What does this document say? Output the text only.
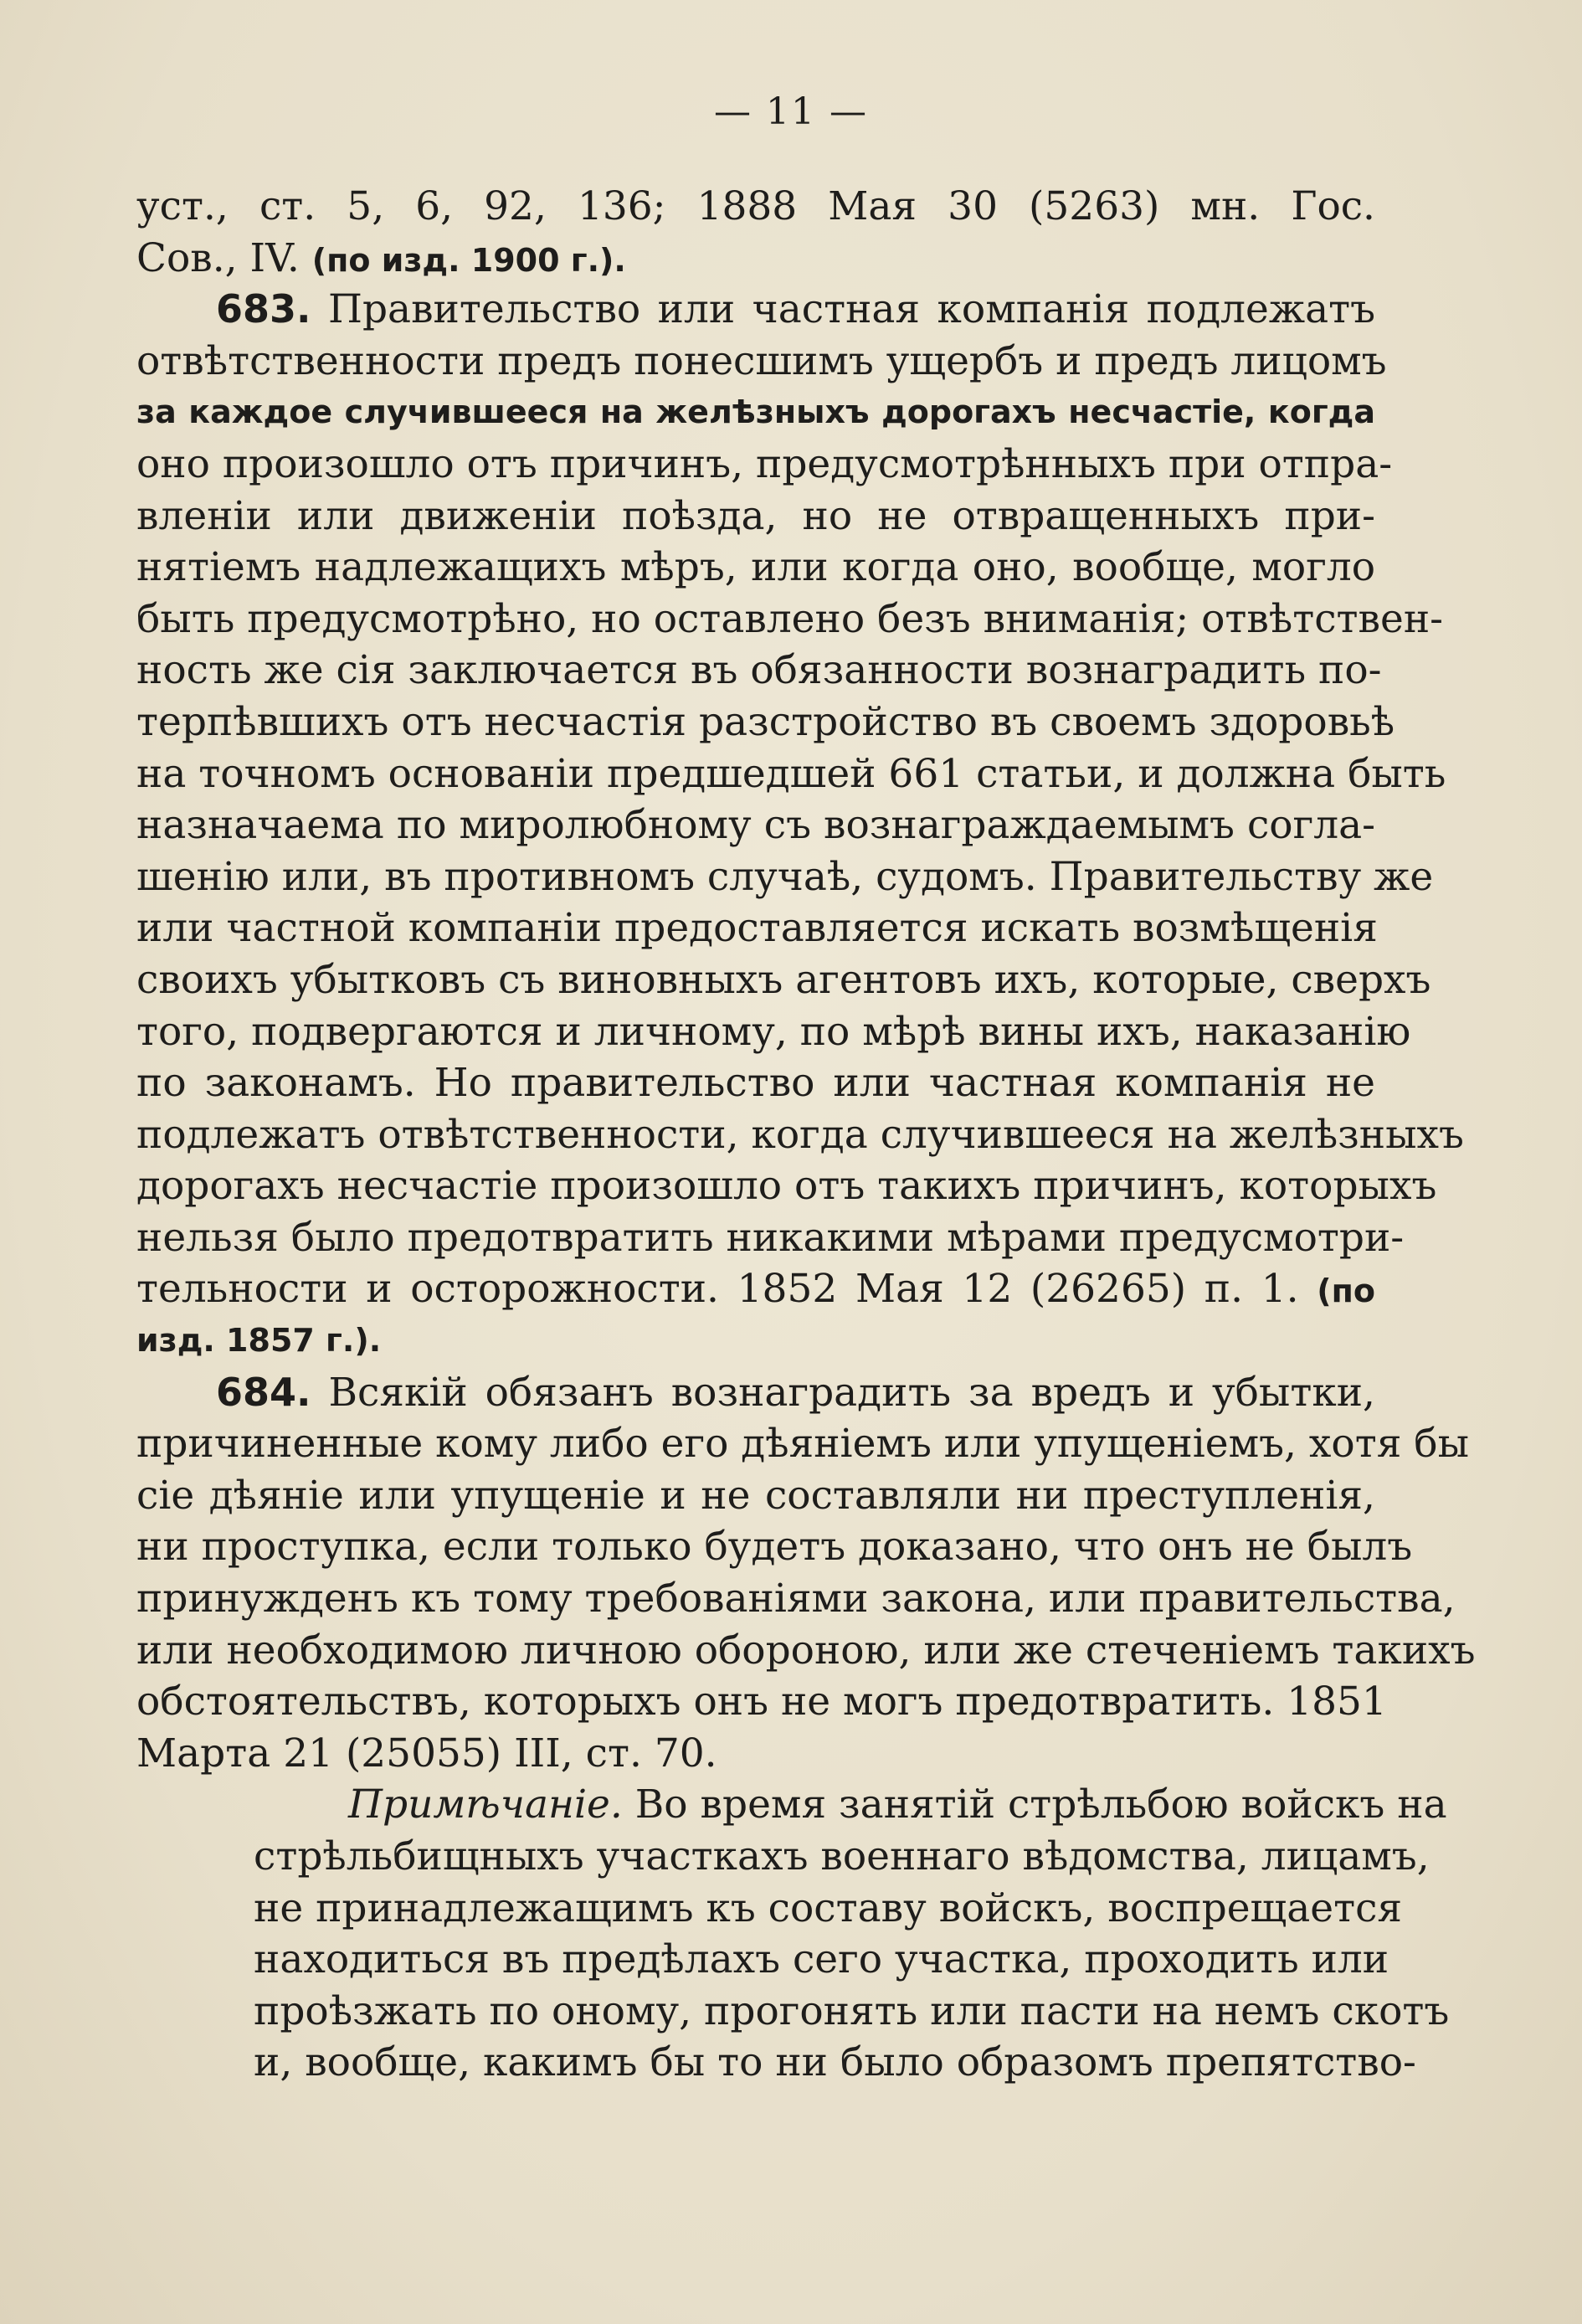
— 11 —
уст., ст. 5, 6, 92, 136; 1888 Мая 30 (5263) мн. Гос.
Сов., IV. (по изд. 1900 г.).
683. Правительство или частная компанія подлежатъ
отвѣтственности предъ понесшимъ ущербъ и предъ лицомъ
за каждое случившееся на желѣзныхъ дорогахъ несчастіе, когда
оно произошло отъ причинъ, предусмотрѣнныхъ при отпра-
вленіи или движеніи поѣзда, но не отвращенныхъ при-
нятіемъ надлежащихъ мѣръ, или когда оно, вообще, могло
быть предусмотрѣно, но оставлено безъ вниманія; отвѣтствен-
ность же сія заключается въ обязанности вознаградить по-
терпѣвшихъ отъ несчастія разстройство въ своемъ здоровьѣ
на точномъ основаніи предшедшей 661 статьи, и должна быть
назначаема по миролюбному съ вознаграждаемымъ согла-
шенію или, въ противномъ случаѣ, судомъ. Правительству же
или частной компаніи предоставляется искать возмѣщенія
своихъ убытковъ съ виновныхъ агентовъ ихъ, которые, сверхъ
того, подвергаются и личному, по мѣрѣ вины ихъ, наказанію
по законамъ. Но правительство или частная компанія не
подлежатъ отвѣтственности, когда случившееся на желѣзныхъ
дорогахъ несчастіе произошло отъ такихъ причинъ, которыхъ
нельзя было предотвратить никакими мѣрами предусмотри-
тельности и осторожности. 1852 Мая 12 (26265) п. 1. (по
изд. 1857 г.).
684. Всякій обязанъ вознаградить за вредъ и убытки,
причиненные кому либо его дѣяніемъ или упущеніемъ, хотя бы
сіе дѣяніе или упущеніе и не составляли ни преступленія,
ни проступка, если только будетъ доказано, что онъ не былъ
принужденъ къ тому требованіями закона, или правительства,
или необходимою личною обороною, или же стеченіемъ такихъ
обстоятельствъ, которыхъ онъ не могъ предотвратить. 1851
Марта 21 (25055) III, ст. 70.
Примѣчаніе. Во время занятій стрѣльбою войскъ на
стрѣльбищныхъ участкахъ военнаго вѣдомства, лицамъ,
не принадлежащимъ къ составу войскъ, воспрещается
находиться въ предѣлахъ сего участка, проходить или
проѣзжать по оному, прогонять или пасти на немъ скотъ
и, вообще, какимъ бы то ни было образомъ препятство-
